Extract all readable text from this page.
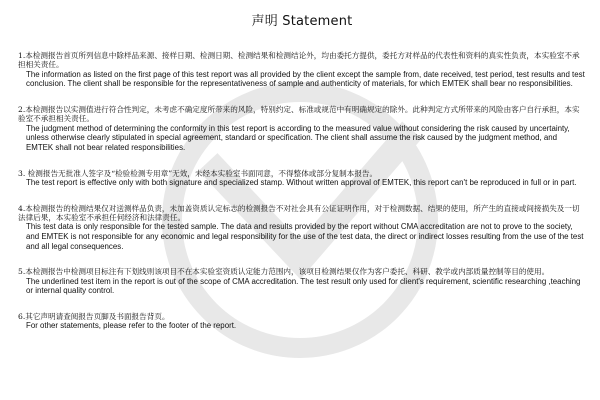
声明 Statement
1.本检测报告首页所列信息中除样品来源、接样日期、检测日期、检测结果和检测结论外，均由委托方提供，委托方对样品的代表性和资料的真实性负责，本实验室不承担相关责任。
The information as listed on the first page of this test report was all provided by the client except the sample from, date received, test period, test results and test conclusion. The client shall be responsible for the representativeness of sample and authenticity of materials, for which EMTEK shall bear no responsibilities.
2.本检测报告以实测值进行符合性判定，未考虑不确定度所带来的风险，特别约定、标准或规范中有明确规定的除外。此种判定方式所带来的风险由客户自行承担，本实验室不承担相关责任。
The judgment method of determining the conformity in this test report is according to the measured value without considering the risk caused by uncertainty, unless otherwise clearly stipulated in special agreement, standard or specification. The client shall assume the risk caused by the judgment method, and EMTEK shall not bear related responsibilities.
3. 检测报告无批准人签字及“检验检测专用章”无效，未经本实验室书面同意，不得整体或部分复制本报告。
The test report is effective only with both signature and specialized stamp. Without written approval of EMTEK, this report can't be reproduced in full or in part.
4.本检测报告的检测结果仅对送测样品负责，未加盖资质认定标志的检测报告不对社会具有公证证明作用，对于检测数据、结果的使用，所产生的直接或间接损失及一切法律后果，本实验室不承担任何经济和法律责任。
This test data is only responsible for the tested sample. The data and results provided by the report without CMA accreditation are not to prove to the society, and EMTEK is not responsible for any economic and legal responsibility for the use of the test data, the direct or indirect losses resulting from the use of the test and all legal consequences.
5.本检测报告中检测项目标注有下划线则该项目不在本实验室资质认定能力范围内，该项目检测结果仅作为客户委托、科研、教学或内部质量控制等目的使用。
The underlined test item in the report is out of the scope of CMA accreditation. The test result only used for client's requirement, scientific researching ,teaching or internal quality control.
6.其它声明请查阅报告页脚及书面报告背页。
For other statements, please refer to the footer of the report.
